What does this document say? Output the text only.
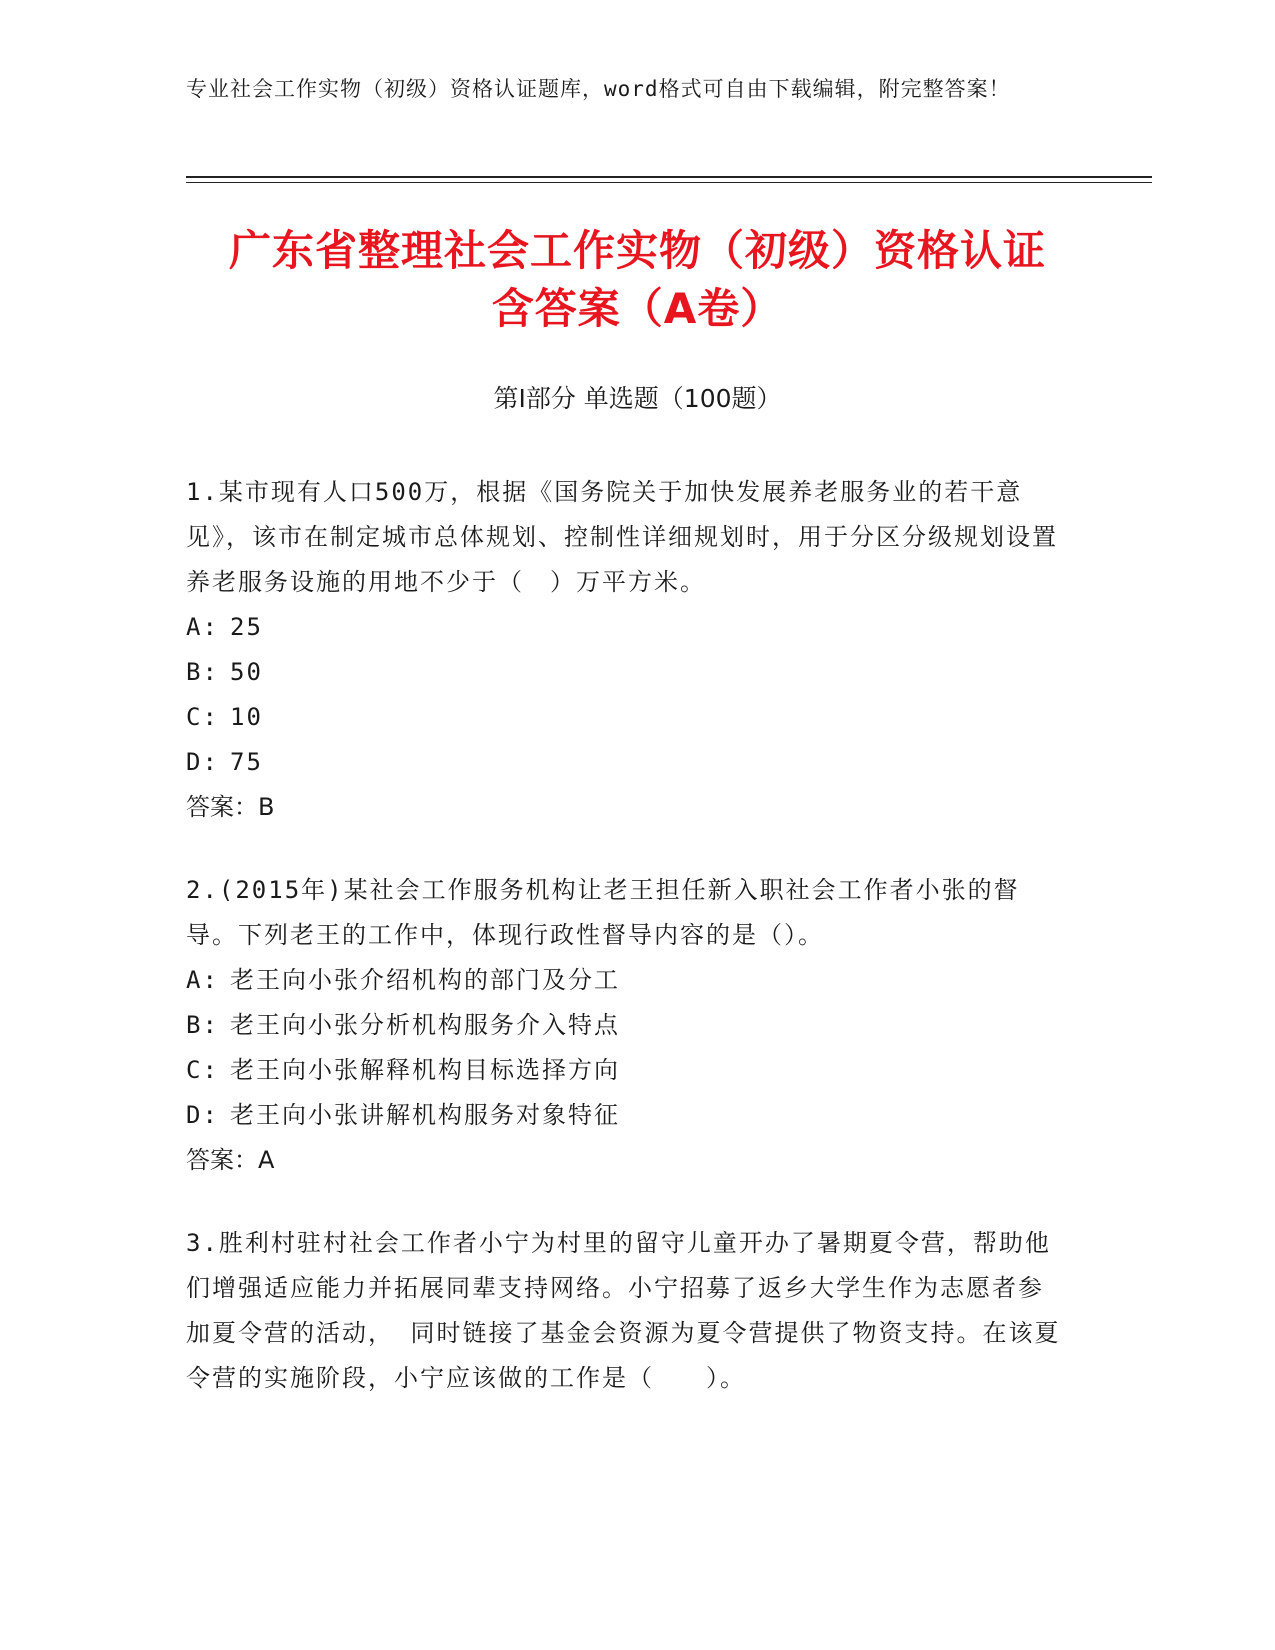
专业社会工作实物（初级）资格认证题库，word格式可自由下载编辑，附完整答案！
广东省整理社会工作实物（初级）资格认证
含答案（A卷）
第Ⅰ部分 单选题（100题）
1.某市现有人口500万，根据《国务院关于加快发展养老服务业的若干意见》，该市在制定城市总体规划、控制性详细规划时，用于分区分级规划设置养老服务设施的用地不少于（　）万平方米。
A: 25
B: 50
C: 10
D: 75
答案：B
2.(2015年)某社会工作服务机构让老王担任新入职社会工作者小张的督导。下列老王的工作中，体现行政性督导内容的是（）。
A: 老王向小张介绍机构的部门及分工
B: 老王向小张分析机构服务介入特点
C: 老王向小张解释机构目标选择方向
D: 老王向小张讲解机构服务对象特征
答案：A
3.胜利村驻村社会工作者小宁为村里的留守儿童开办了暑期夏令营，帮助他们增强适应能力并拓展同辈支持网络。小宁招募了返乡大学生作为志愿者参加夏令营的活动， 同时链接了基金会资源为夏令营提供了物资支持。在该夏令营的实施阶段，小宁应该做的工作是（　　）。
